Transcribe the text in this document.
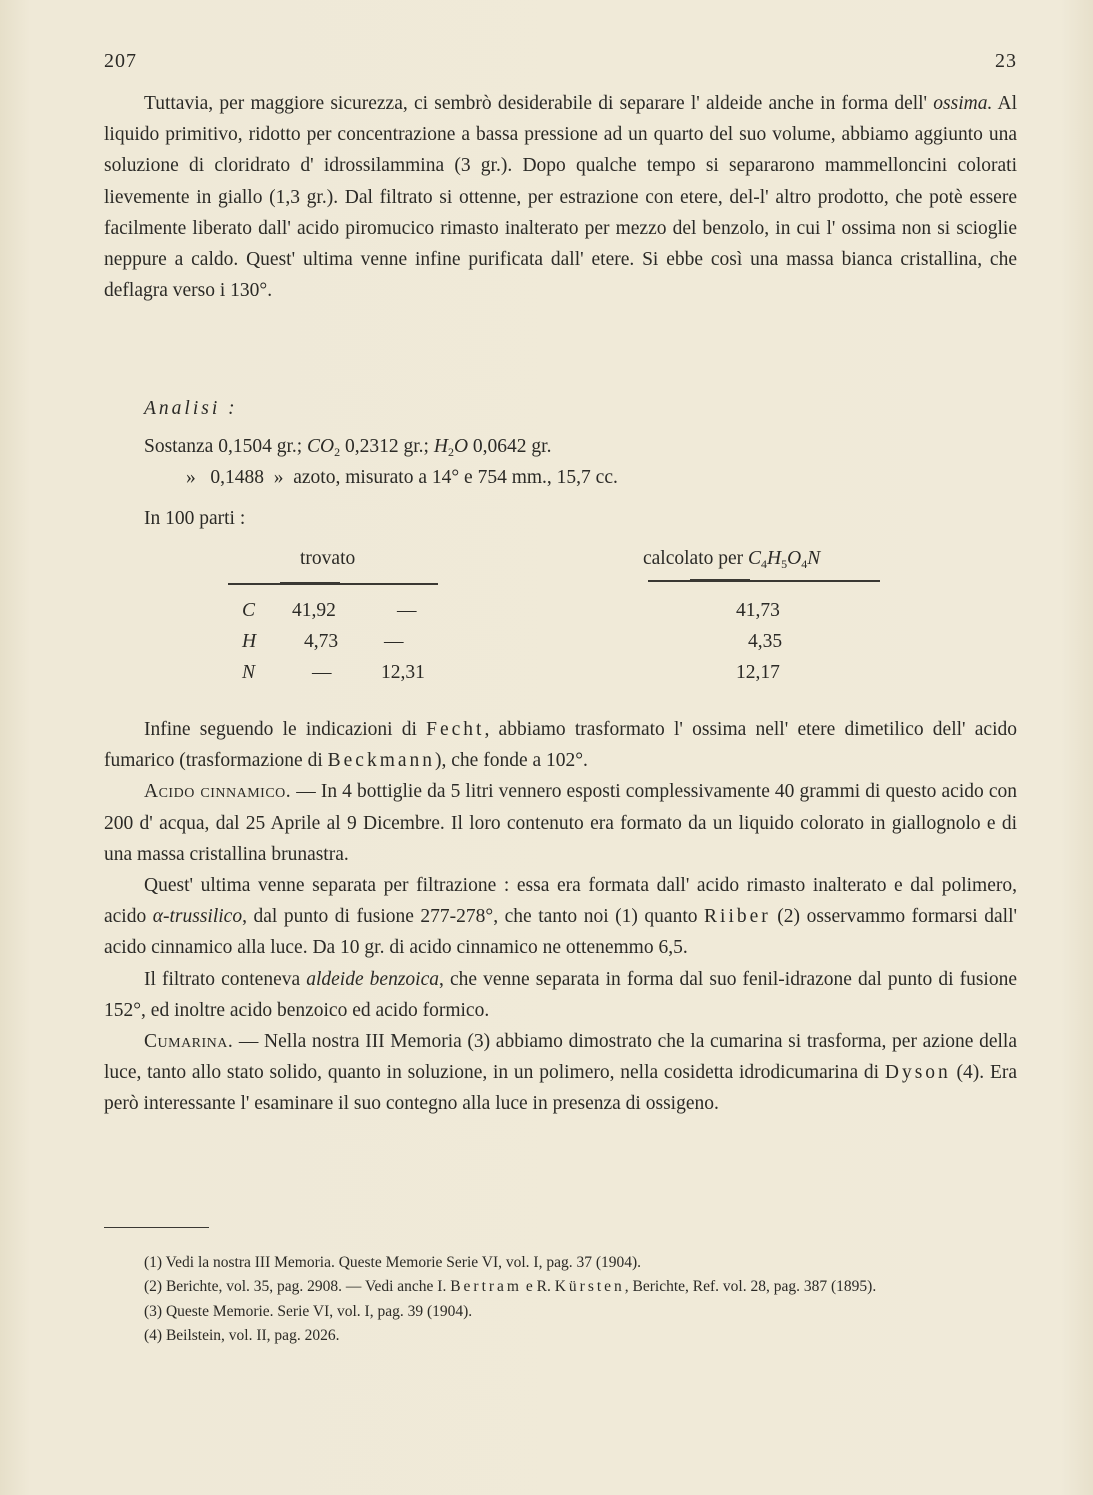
207	23

Tuttavia, per maggiore sicurezza, ci sembrò desiderabile di separare l' aldeide anche in forma dell' ossima. Al liquido primitivo, ridotto per concentrazione a bassa pressione ad un quarto del suo volume, abbiamo aggiunto una soluzione di cloridrato d' idrossilammina (3 gr.). Dopo qualche tempo si separarono mammelloncini colorati lievemente in giallo (1,3 gr.). Dal filtrato si ottenne, per estrazione con etere, del-l' altro prodotto, che potè essere facilmente liberato dall' acido piromucico rimasto inalterato per mezzo del benzolo, in cui l' ossima non si scioglie neppure a caldo. Quest' ultima venne infine purificata dall' etere. Si ebbe così una massa bianca cristallina, che deflagra verso i 130°.

Analisi :
Sostanza 0,1504 gr.; $CO_2$ 0,2312 gr.; $H_2O$ 0,0642 gr.
»   0,1488  »  azoto, misurato a 14° e 754 mm., 15,7 cc.
In 100 parti :
trovato	calcolato per $C_4H_5O_4N$
C 41,92	—	41,73
H 4,73 —	4,35
N	—	12,31	12,17

Infine seguendo le indicazioni di Fecht, abbiamo trasformato l' ossima nell' etere dimetilico dell' acido fumarico (trasformazione di Beckmann), che fonde a 102°.

Acido cinnamico. — In 4 bottiglie da 5 litri vennero esposti complessivamente 40 grammi di questo acido con 200 d' acqua, dal 25 Aprile al 9 Dicembre. Il loro contenuto era formato da un liquido colorato in giallognolo e di una massa cristallina brunastra.

Quest' ultima venne separata per filtrazione : essa era formata dall' acido rimasto inalterato e dal polimero, acido α-trussilico, dal punto di fusione 277-278°, che tanto noi (1) quanto Riiber (2) osservammo formarsi dall' acido cinnamico alla luce. Da 10 gr. di acido cinnamico ne ottenemmo 6,5.

Il filtrato conteneva aldeide benzoica, che venne separata in forma dal suo fenil-idrazone dal punto di fusione 152°, ed inoltre acido benzoico ed acido formico.

Cumarina. — Nella nostra III Memoria (3) abbiamo dimostrato che la cumarina si trasforma, per azione della luce, tanto allo stato solido, quanto in soluzione, in un polimero, nella cosidetta idrodicumarina di Dyson (4). Era però interessante l' esaminare il suo contegno alla luce in presenza di ossigeno.

(1) Vedi la nostra III Memoria. Queste Memorie Serie VI, vol. I, pag. 37 (1904).

(2) Berichte, vol. 35, pag. 2908. — Vedi anche I. Bertram e R. Kürsten, Berichte, Ref. vol. 28, pag. 387 (1895).

(3) Queste Memorie. Serie VI, vol. I, pag. 39 (1904).

(4) Beilstein, vol. II, pag. 2026.
